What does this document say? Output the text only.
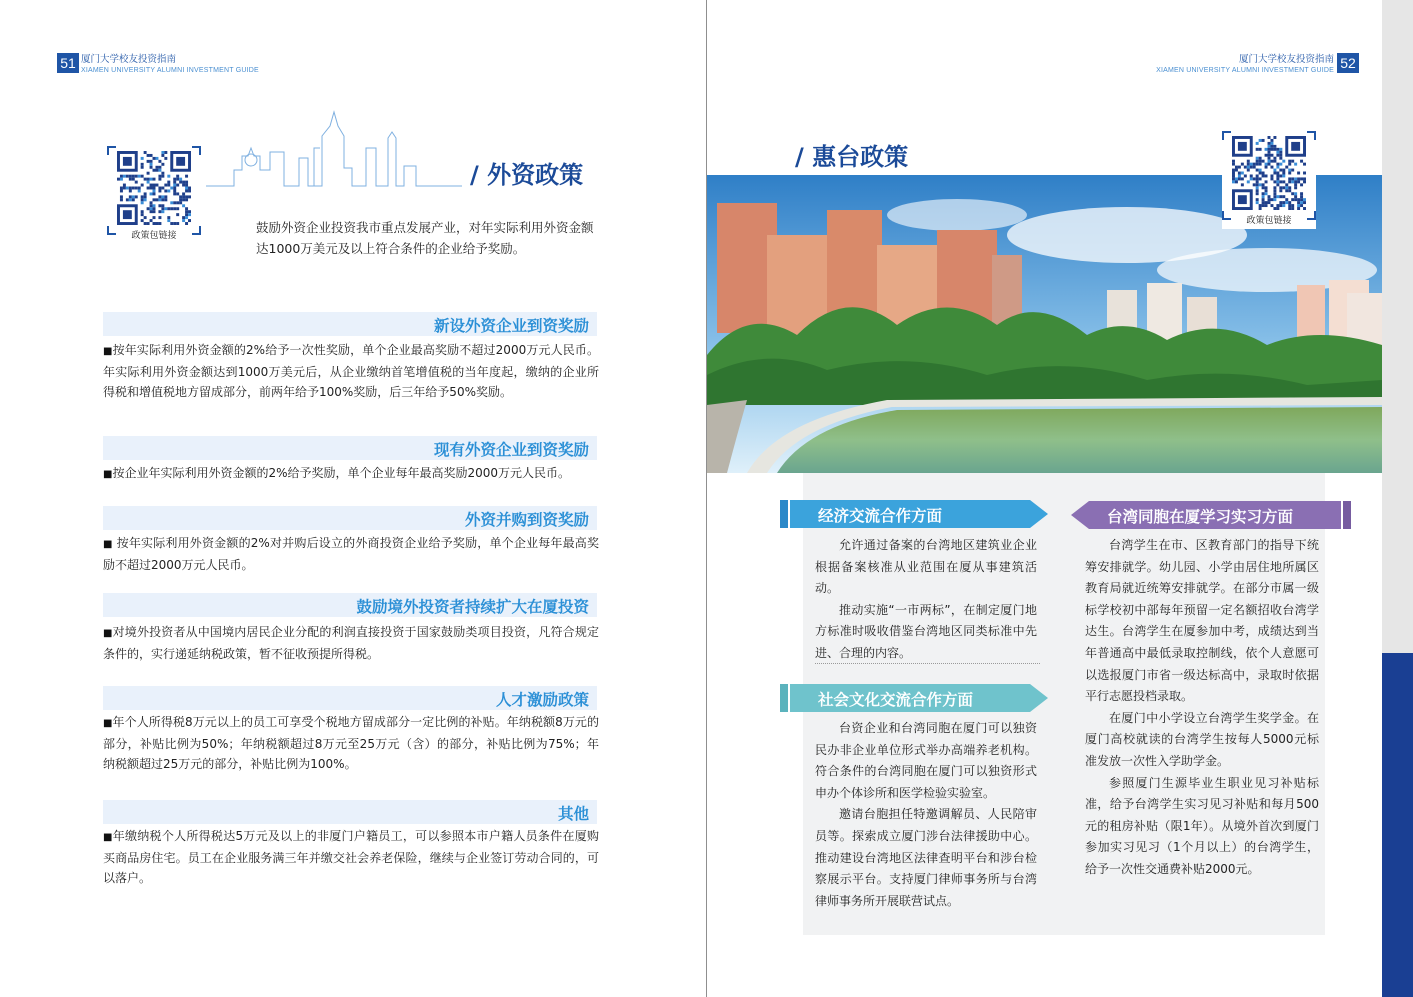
51 厦门大学校友投资指南
XIAMEN UNIVERSITY ALUMNI INVESTMENT GUIDE
政策包链接
/ 外资政策
鼓励外资企业投资我市重点发展产业，对年实际利用外资金额达1000万美元及以上符合条件的企业给予奖励。
新设外资企业到资奖励
■按年实际利用外资金额的2%给予一次性奖励，单个企业最高奖励不超过2000万元人民币。年实际利用外资金额达到1000万美元后，从企业缴纳首笔增值税的当年度起，缴纳的企业所得税和增值税地方留成部分，前两年给予100%奖励，后三年给予50%奖励。
现有外资企业到资奖励
■按企业年实际利用外资金额的2%给予奖励，单个企业每年最高奖励2000万元人民币。
外资并购到资奖励
■ 按年实际利用外资金额的2%对并购后设立的外商投资企业给予奖励，单个企业每年最高奖励不超过2000万元人民币。
鼓励境外投资者持续扩大在厦投资
■对境外投资者从中国境内居民企业分配的利润直接投资于国家鼓励类项目投资，凡符合规定条件的，实行递延纳税政策，暂不征收预提所得税。
人才激励政策
■年个人所得税8万元以上的员工可享受个税地方留成部分一定比例的补贴。年纳税额8万元的部分，补贴比例为50%；年纳税额超过8万元至25万元（含）的部分，补贴比例为75%；年纳税额超过25万元的部分，补贴比例为100%。
其他
■年缴纳税个人所得税达5万元及以上的非厦门户籍员工，可以参照本市户籍人员条件在厦购买商品房住宅。员工在企业服务满三年并缴交社会养老保险，继续与企业签订劳动合同的，可以落户。
厦门大学校友投资指南
XIAMEN UNIVERSITY ALUMNI INVESTMENT GUIDE 52
/ 惠台政策
政策包链接
经济交流合作方面

允许通过备案的台湾地区建筑业企业根据备案核准从业范围在厦从事建筑活动。

推动实施“一市两标”，在制定厦门地方标准时吸收借鉴台湾地区同类标准中先进、合理的内容。

社会文化交流合作方面

台资企业和台湾同胞在厦门可以独资民办非企业单位形式举办高端养老机构。符合条件的台湾同胞在厦门可以独资形式申办个体诊所和医学检验实验室。

邀请台胞担任特邀调解员、人民陪审员等。探索成立厦门涉台法律援助中心。推动建设台湾地区法律查明平台和涉台检察展示平台。支持厦门律师事务所与台湾律师事务所开展联营试点。

台湾同胞在厦学习实习方面

台湾学生在市、区教育部门的指导下统筹安排就学。幼儿园、小学由居住地所属区教育局就近统筹安排就学。在部分市属一级标学校初中部每年预留一定名额招收台湾学达生。台湾学生在厦参加中考，成绩达到当年普通高中最低录取控制线，依个人意愿可以选报厦门市省一级达标高中，录取时依据平行志愿投档录取。

在厦门中小学设立台湾学生奖学金。在厦门高校就读的台湾学生按每人5000元标准发放一次性入学助学金。

参照厦门生源毕业生职业见习补贴标准，给予台湾学生实习见习补贴和每月500元的租房补贴（限1年）。从境外首次到厦门参加实习见习（1个月以上）的台湾学生，给予一次性交通费补贴2000元。
